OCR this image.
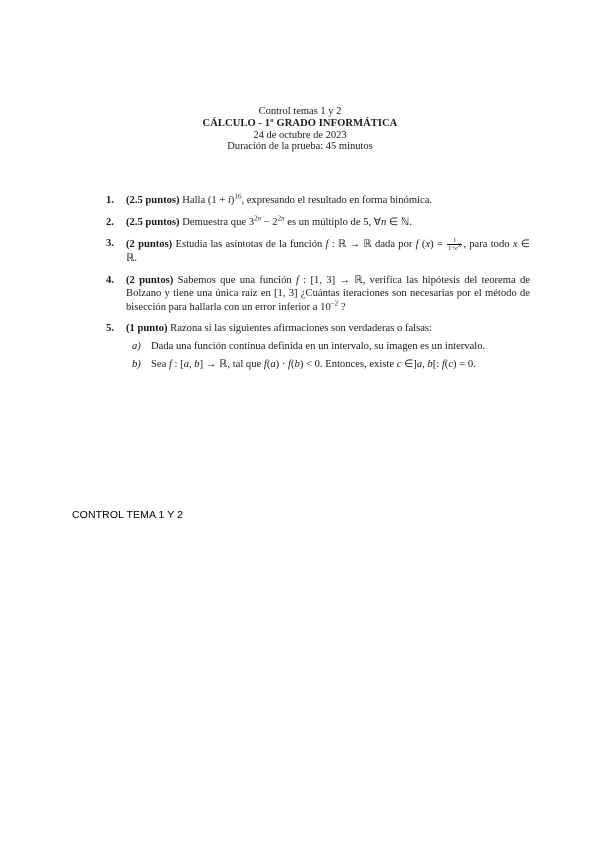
Control temas 1 y 2
CÁLCULO - 1º GRADO INFORMÁTICA
24 de octubre de 2023
Duración de la prueba: 45 minutos
1. (2.5 puntos) Halla $(1 + i)^{16}$, expresando el resultado en forma binómica.
2. (2.5 puntos) Demuestra que $3^{2n} - 2^{2n}$ es un múltiplo de 5, ∀n ∈ ℕ.
3. (2 puntos) Estudia las asíntotas de la función f : ℝ → ℝ dada por f $(x) = \frac{1}{1+e^x}$ , para todo x ∈ ℝ.
4. (2 puntos) Sabemos que una función f : [1, 3] → ℝ, verifica las hipótesis del teorema de Bolzano y tiene una única raíz en [1, 3] ¿Cuántas iteraciones son necesarias por el método de bisección para hallarla con un error inferior a $10^{-2}$ ?
5. (1 punto) Razona si las siguientes afirmaciones son verdaderas o falsas:
a) Dada una función continua definida en un intervalo, su imagen es un intervalo.
b) Sea f : [a, b] → ℝ, tal que f(a) · f(b) < 0. Entonces, existe c ∈]a, b[: f(c) = 0.
CONTROL TEMA 1 Y 2
